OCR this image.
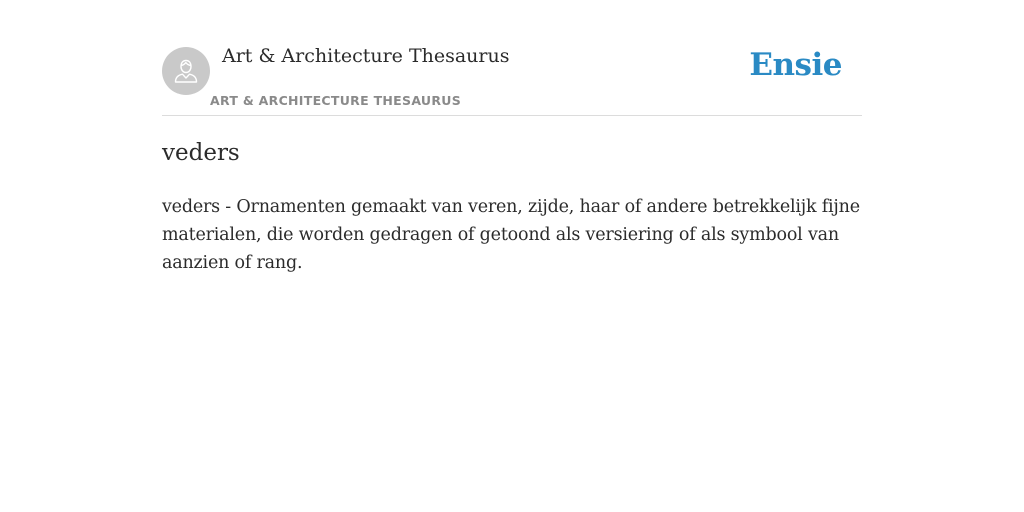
Art & Architecture Thesaurus
ART & ARCHITECTURE THESAURUS
Ensie
veders

veders - Ornamenten gemaakt van veren, zijde, haar of andere betrekkelijk fijne materialen, die worden gedragen of getoond als versiering of als symbool van aanzien of rang.
